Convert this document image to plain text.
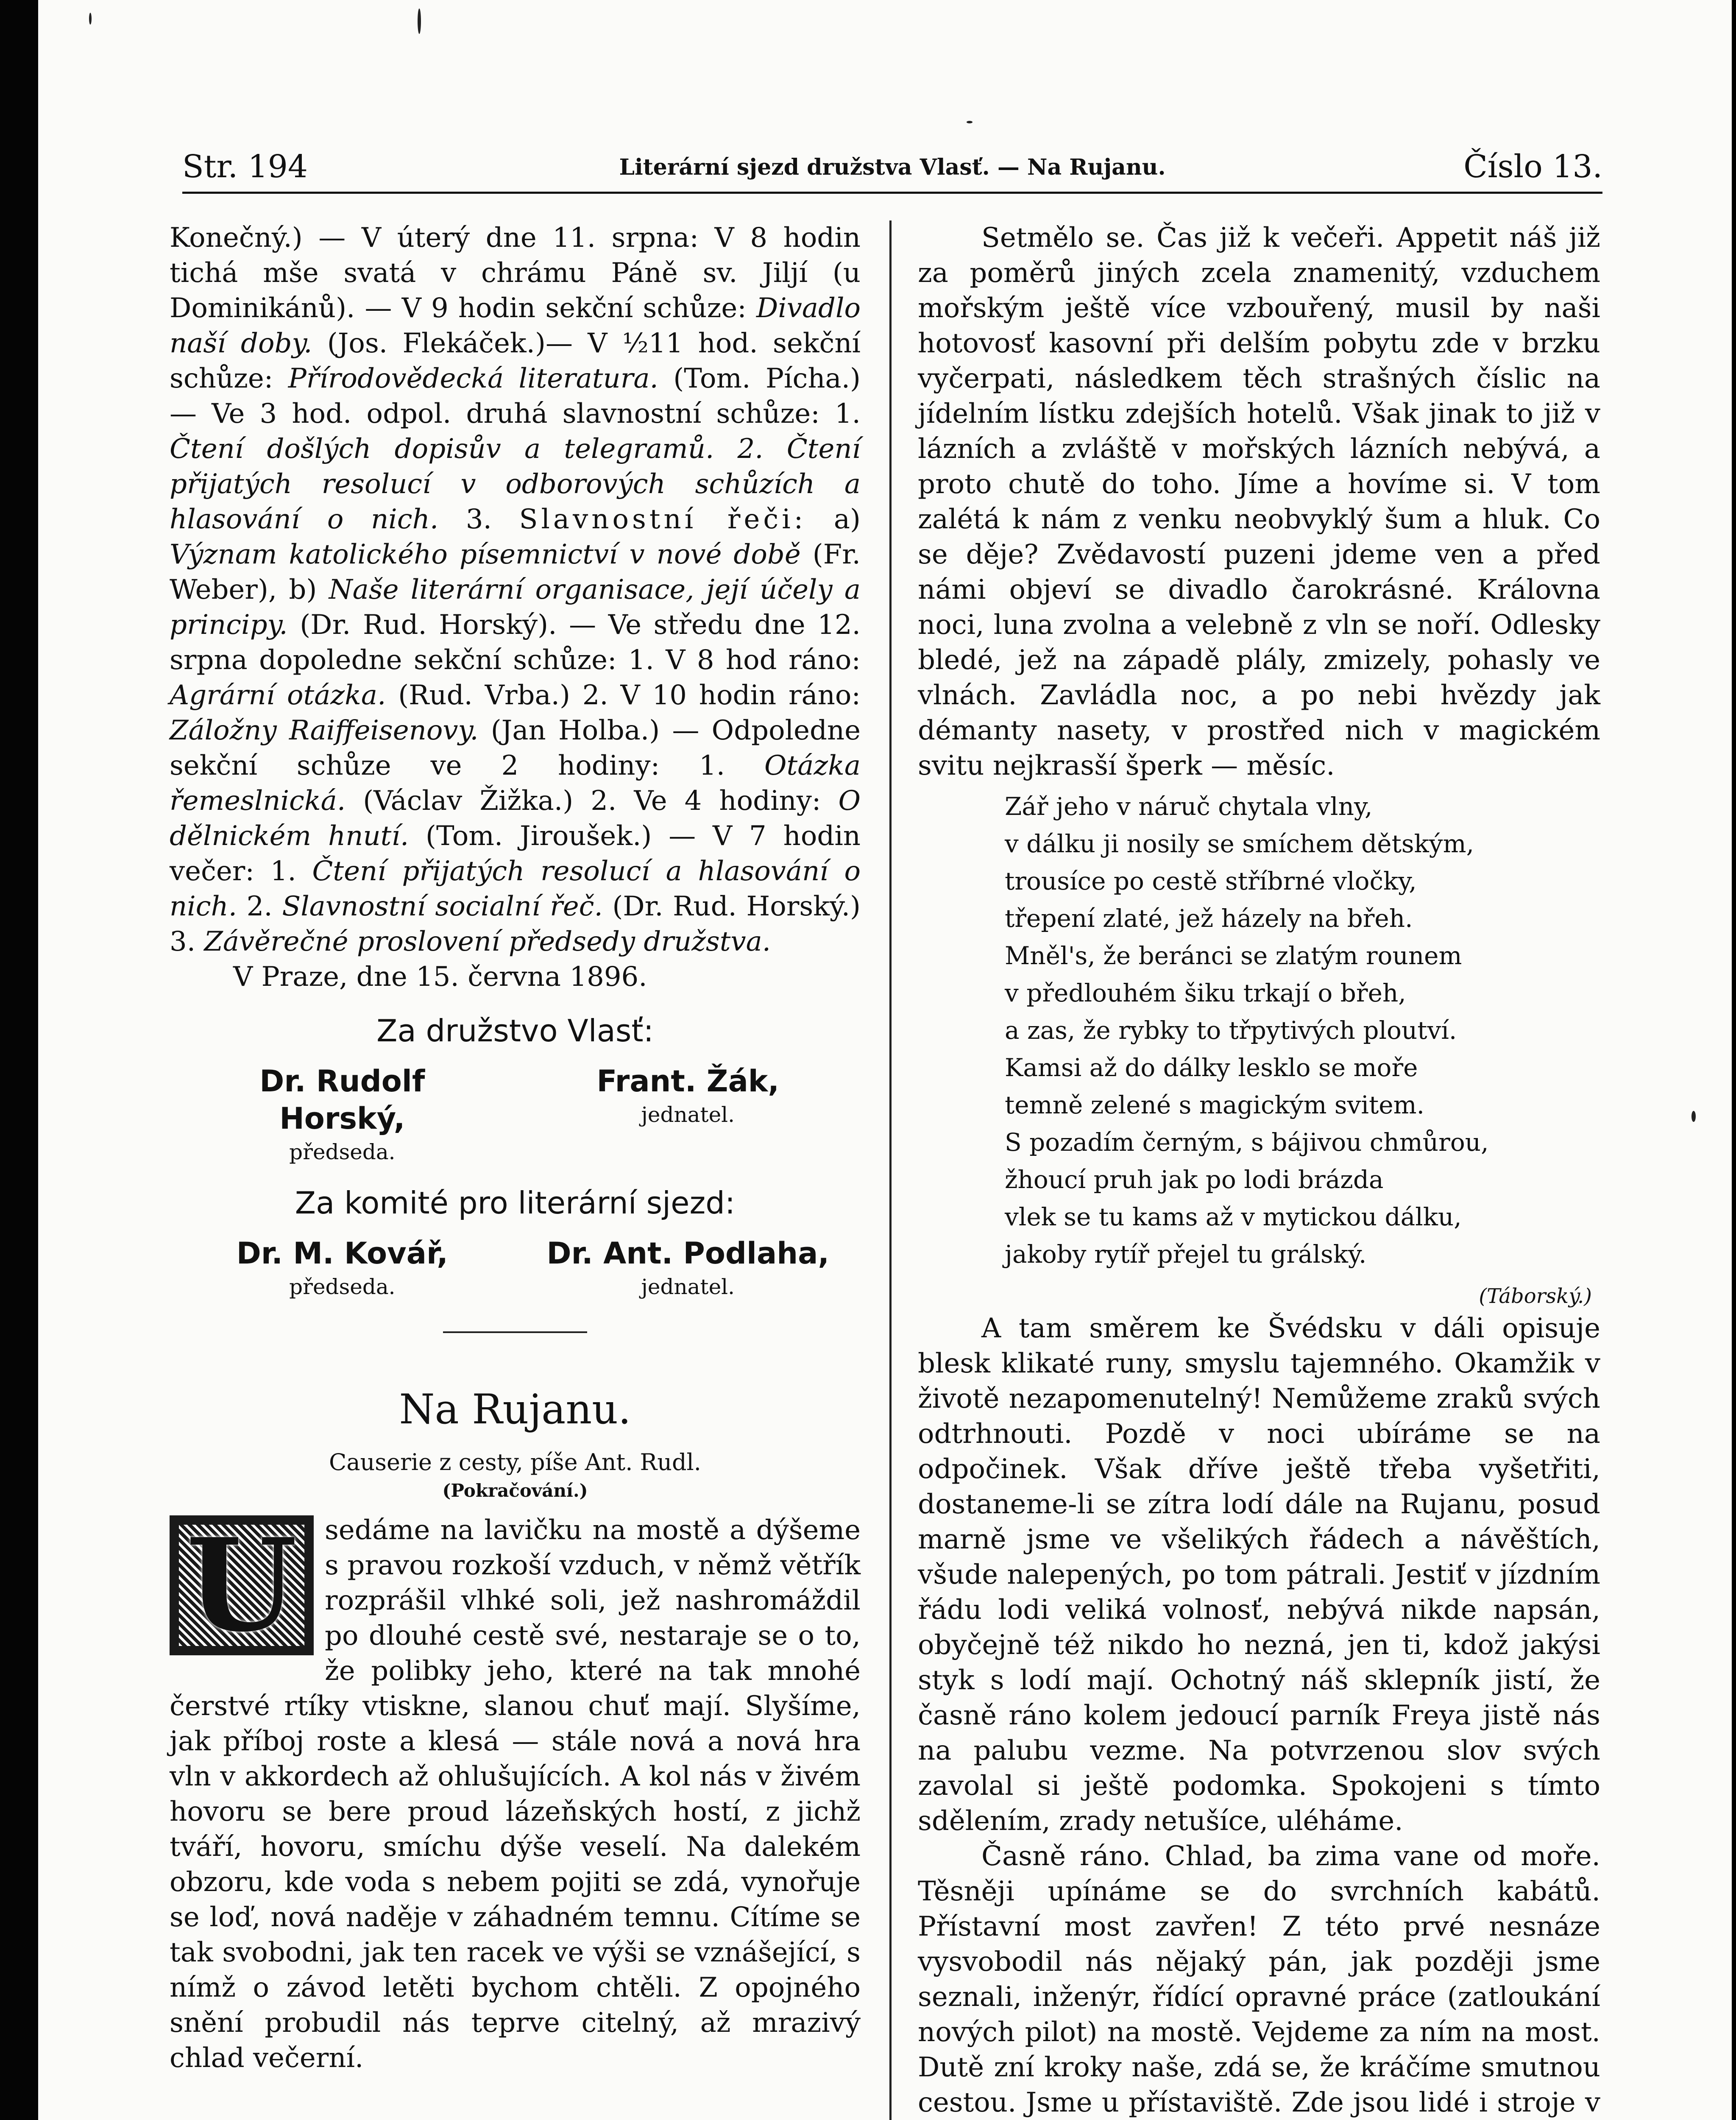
Str. 194	Literární sjezd družstva Vlasť. — Na Rujanu.	Číslo 13.

Konečný.) — V úterý dne 11. srpna: V 8 hodin tichá mše svatá v chrámu Páně sv. Jiljí (u Dominikánů). — V 9 hodin sekční schůze: Divadlo naší doby. (Jos. Flekáček.)— V ½11 hod. sekční schůze: Přírodovědecká literatura. (Tom. Pícha.) — Ve 3 hod. odpol. druhá slavnostní schůze: 1. Čtení došlých dopisův a telegramů. 2. Čtení přijatých resolucí v odborových schůzích a hlasování o nich. 3. Slavnostní řeči: a) Význam katolického písemnictví v nové době (Fr. Weber), b) Naše literární organisace, její účely a principy. (Dr. Rud. Horský). — Ve středu dne 12. srpna dopoledne sekční schůze: 1. V 8 hod ráno: Agrární otázka. (Rud. Vrba.) 2. V 10 hodin ráno: Záložny Raiffeisenovy. (Jan Holba.) — Odpoledne sekční schůze ve 2 hodiny: 1. Otázka řemeslnická. (Václav Žižka.) 2. Ve 4 hodiny: O dělnickém hnutí. (Tom. Jiroušek.) — V 7 hodin večer: 1. Čtení přijatých resolucí a hlasování o nich. 2. Slavnostní socialní řeč. (Dr. Rud. Horský.) 3. Závěrečné proslovení předsedy družstva.

V Praze, dne 15. června 1896.

Za družstvo Vlasť:
Dr. Rudolf Horský,
předseda.
Frant. Žák,
jednatel.
Za komité pro literární sjezd:
Dr. M. Kovář,
předseda.
Dr. Ant. Podlaha,
jednatel.
Na Rujanu.
Causerie z cesty, píše Ant. Rudl.
(Pokračování.)

U	sedáme na lavičku na mostě a dýšeme s pravou rozkoší vzduch, v němž větřík rozprášil vlhké soli, jež nashromáždil po dlouhé cestě své, nestaraje se o to, že polibky jeho, které na tak mnohé čerstvé rtíky vtiskne, slanou chuť mají. Slyšíme, jak příboj roste a klesá — stále nová a nová hra vln v akkordech až ohlušujících. A kol nás v živém hovoru se bere proud lázeňských hostí, z jichž tváří, hovoru, smíchu dýše veselí. Na dalekém obzoru, kde voda s nebem pojiti se zdá, vynořuje se loď, nová naděje v záhadném temnu. Cítíme se tak svobodni, jak ten racek ve výši se vznášející, s nímž o závod letěti bychom chtěli. Z opojného snění probudil nás teprve citelný, až mrazivý chlad večerní.

Setmělo se. Čas již k večeři. Appetit náš již za poměrů jiných zcela znamenitý, vzduchem mořským ještě více vzbouřený, musil by naši hotovosť kasovní při delším pobytu zde v brzku vyčerpati, následkem těch strašných číslic na jídelním lístku zdejších hotelů. Však jinak to již v lázních a zvláště v mořských lázních nebývá, a proto chutě do toho. Jíme a hovíme si. V tom zalétá k nám z venku neobvyklý šum a hluk. Co se děje? Zvědavostí puzeni jdeme ven a před námi objeví se divadlo čarokrásné. Královna noci, luna zvolna a velebně z vln se noří. Odlesky bledé, jež na západě plály, zmizely, pohasly ve vlnách. Zavládla noc, a po nebi hvězdy jak démanty nasety, v prostřed nich v magickém svitu nejkrasší šperk — měsíc.

Zář jeho v náruč chytala vlny,
v dálku ji nosily se smíchem dětským,
trousíce po cestě stříbrné vločky,
třepení zlaté, jež házely na břeh.
Mněl's, že beránci se zlatým rounem
v předlouhém šiku trkají o břeh,
a zas, že rybky to třpytivých ploutví.
Kamsi až do dálky lesklo se moře
temně zelené s magickým svitem.
S pozadím černým, s bájivou chmůrou,
žhoucí pruh jak po lodi brázda
vlek se tu kams až v mytickou dálku,
jakoby rytíř přejel tu grálský.
(Táborský.)

A tam směrem ke Švédsku v dáli opisuje blesk klikaté runy, smyslu tajemného. Okamžik v životě nezapomenutelný! Nemůžeme zraků svých odtrhnouti. Pozdě v noci ubíráme se na odpočinek. Však dříve ještě třeba vyšetřiti, dostaneme-li se zítra lodí dále na Rujanu, posud marně jsme ve všelikých řádech a návěštích, všude nalepených, po tom pátrali. Jestiť v jízdním řádu lodi veliká volnosť, nebývá nikde napsán, obyčejně též nikdo ho nezná, jen ti, kdož jakýsi styk s lodí mají. Ochotný náš sklepník jistí, že časně ráno kolem jedoucí parník Freya jistě nás na palubu vezme. Na potvrzenou slov svých zavolal si ještě podomka. Spokojeni s tímto sdělením, zrady netušíce, uléháme.

Časně ráno. Chlad, ba zima vane od moře. Těsněji upínáme se do svrchních kabátů. Přístavní most zavřen! Z této prvé nesnáze vysvobodil nás nějaký pán, jak později jsme seznali, inženýr, řídící opravné práce (zatloukání nových pilot) na mostě. Vejdeme za ním na most. Dutě zní kroky naše, zdá se, že kráčíme smutnou cestou. Jsme u přístaviště. Zde jsou lidé i stroje v
